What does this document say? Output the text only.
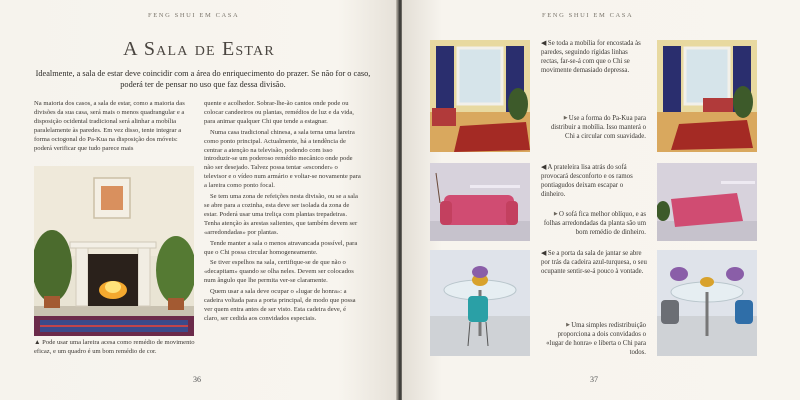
FENG SHUI EM CASA
A Sala de Estar
Idealmente, a sala de estar deve coincidir com a área do enriquecimento do prazer. Se não for o caso, poderá ter de pensar no uso que faz dessa divisão.

Na maioria dos casos, a sala de estar, como a maioria das divisões da sua casa, será mais o menos quadrangular e a disposição ocidental tradicional será alinhar a mobília paralelamente às paredes. Em vez disso, tente integrar a forma octogonal do Pa-Kua na disposição dos móveis: poderá verificar que tudo parece mais

quente e acolhedor. Sobrar-lhe-ão cantos onde pode ou colocar candeeiros ou plantas, remédios de luz e da vida, para animar qualquer Chi que tende a estagnar.

Numa casa tradicional chinesa, a sala terna uma lareira como ponto principal. Actualmente, há a tendência de centrar a atenção na televisão, podendo com isso introduzir-se um poderoso remédio mecânico onde pode não ser desejado. Talvez possa tentar «esconder» o televisor e o vídeo num armário e voltar-se novamente para a lareira como ponto focal.

Se tem uma zona de refeições nesta divisão, ou se a sala se abre para a cozinha, esta deve ser isolada da zona de estar. Poderá usar uma treliça com plantas trepadeiras. Tenha atenção às arestas salientes, que também devem ser «arredondadas» por plantas.

Tende manter a sala o menos atravancada possível, para que o Chi possa circular homogeneamente.

Se tiver espelhos na sala, certifique-se de que não o «decapitam» quando se olha neles. Devem ser colocados num ângulo que lhe permita ver-se claramente.

Quem usar a sala deve ocupar o «lugar de honra»: a cadeira voltada para a porta principal, de modo que possa ver quem entra antes de ser visto. Esta cadeira deve, é claro, ser cedida aos convidados especiais.

▲ Pode usar uma lareira acesa como remédio de movimento eficaz, e um quadro é um bom remédio de cor.
36
FENG SHUI EM CASA
37
◀ Se toda a mobília for encostada às paredes, seguindo rígidas linhas rectas, far-se-á com que o Chi se movimente demasiado depressa.
▶ Use a forma do Pa-Kua para distribuir a mobília. Isso manterá o Chi a circular com suavidade.
◀ A prateleira lisa atrás do sofá provocará desconforto e os ramos pontiagudos deixam escapar o dinheiro.
▶ O sofá fica melhor oblíquo, e as folhas arredondadas da planta são um bom remédio de dinheiro.
◀ Se a porta da sala de jantar se abre por trás da cadeira azul-turquesa, o seu ocupante sentir-se-á pouco à vontade.
▶ Uma simples redistribuição proporciona a dois convidados o «lugar de honra» e liberta o Chi para todos.
